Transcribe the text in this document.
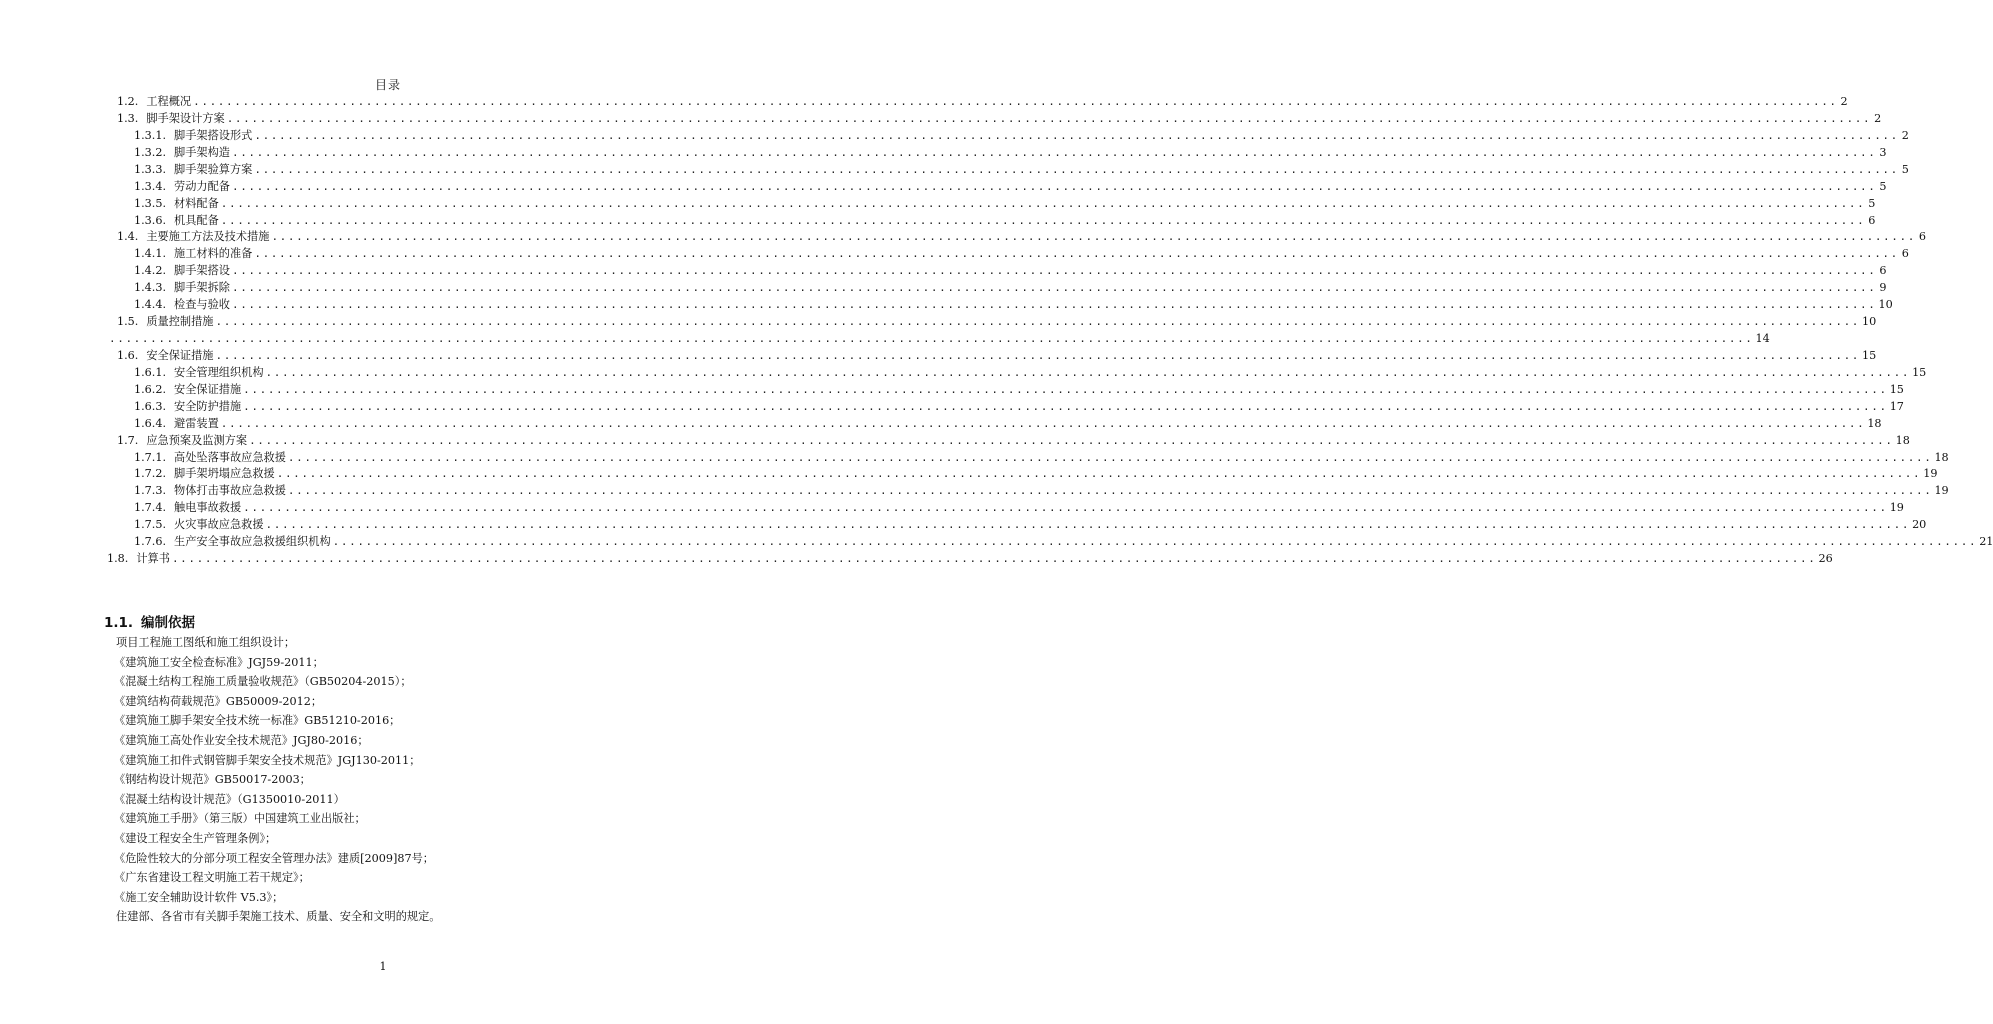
目录
1.2. 工程概况 ........................................................................................................................................................................................................ 2
1.3. 脚手架设计方案 ........................................................................................................................................................................................................ 2
1.3.1. 脚手架搭设形式 ........................................................................................................................................................................................................ 2
1.3.2. 脚手架构造 ........................................................................................................................................................................................................ 3
1.3.3. 脚手架验算方案 ........................................................................................................................................................................................................ 5
1.3.4. 劳动力配备 ........................................................................................................................................................................................................ 5
1.3.5. 材料配备 ........................................................................................................................................................................................................ 5
1.3.6. 机具配备 ........................................................................................................................................................................................................ 6
1.4. 主要施工方法及技术措施 ........................................................................................................................................................................................................ 6
1.4.1. 施工材料的准备 ........................................................................................................................................................................................................ 6
1.4.2. 脚手架搭设 ........................................................................................................................................................................................................ 6
1.4.3. 脚手架拆除 ........................................................................................................................................................................................................ 9
1.4.4. 检查与验收 ........................................................................................................................................................................................................ 10
1.5. 质量控制措施 ........................................................................................................................................................................................................ 10
........................................................................................................................................................................................................ 14
1.6. 安全保证措施 ........................................................................................................................................................................................................ 15
1.6.1. 安全管理组织机构 ........................................................................................................................................................................................................ 15
1.6.2. 安全保证措施 ........................................................................................................................................................................................................ 15
1.6.3. 安全防护措施 ........................................................................................................................................................................................................ 17
1.6.4. 避雷装置 ........................................................................................................................................................................................................ 18
1.7. 应急预案及监测方案 ........................................................................................................................................................................................................ 18
1.7.1. 高处坠落事故应急救援 ........................................................................................................................................................................................................ 18
1.7.2. 脚手架坍塌应急救援 ........................................................................................................................................................................................................ 19
1.7.3. 物体打击事故应急救援 ........................................................................................................................................................................................................ 19
1.7.4. 触电事故救援 ........................................................................................................................................................................................................ 19
1.7.5. 火灾事故应急救援 ........................................................................................................................................................................................................ 20
1.7.6. 生产安全事故应急救援组织机构 ........................................................................................................................................................................................................ 21
1.8. 计算书 ........................................................................................................................................................................................................ 26
1.1. 编制依据
项目工程施工图纸和施工组织设计；
《建筑施工安全检查标准》JGJ59-2011；
《混凝土结构工程施工质量验收规范》（GB50204-2015）；
《建筑结构荷载规范》GB50009-2012；
《建筑施工脚手架安全技术统一标准》GB51210-2016；
《建筑施工高处作业安全技术规范》JGJ80-2016；
《建筑施工扣件式钢管脚手架安全技术规范》JGJ130-2011；
《钢结构设计规范》GB50017-2003；
《混凝土结构设计规范》（G1350010-2011）
《建筑施工手册》（第三版）中国建筑工业出版社；
《建设工程安全生产管理条例》；
《危险性较大的分部分项工程安全管理办法》建质[2009]87号；
《广东省建设工程文明施工若干规定》；
《施工安全辅助设计软件 V5.3》；
住建部、各省市有关脚手架施工技术、质量、安全和文明的规定。
1
